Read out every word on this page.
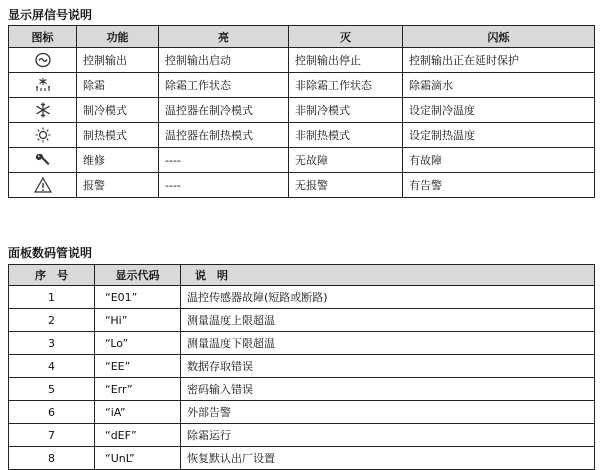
显示屏信号说明
图标	功能	亮	灭	闪烁

	控制输出	控制输出启动	控制输出停止	控制输出正在延时保护

	除霜	除霜工作状态	非除霜工作状态	除霜滴水

	制冷模式	温控器在制冷模式	非制冷模式	设定制冷温度

	制热模式	温控器在制热模式	非制热模式	设定制热温度

	维修	----	无故障	有故障

	报警	----	无报警	有告警
面板数码管说明
序　号	显示代码	说　明
1	“E01”	温控传感器故障(短路或断路)
2	“Hi”	测量温度上限超温
3	“Lo”	测量温度下限超温
4	“EE”	数据存取错误
5	“Err”	密码输入错误
6	“iA”	外部告警
7	“dEF”	除霜运行
8	“UnL”	恢复默认出厂设置
